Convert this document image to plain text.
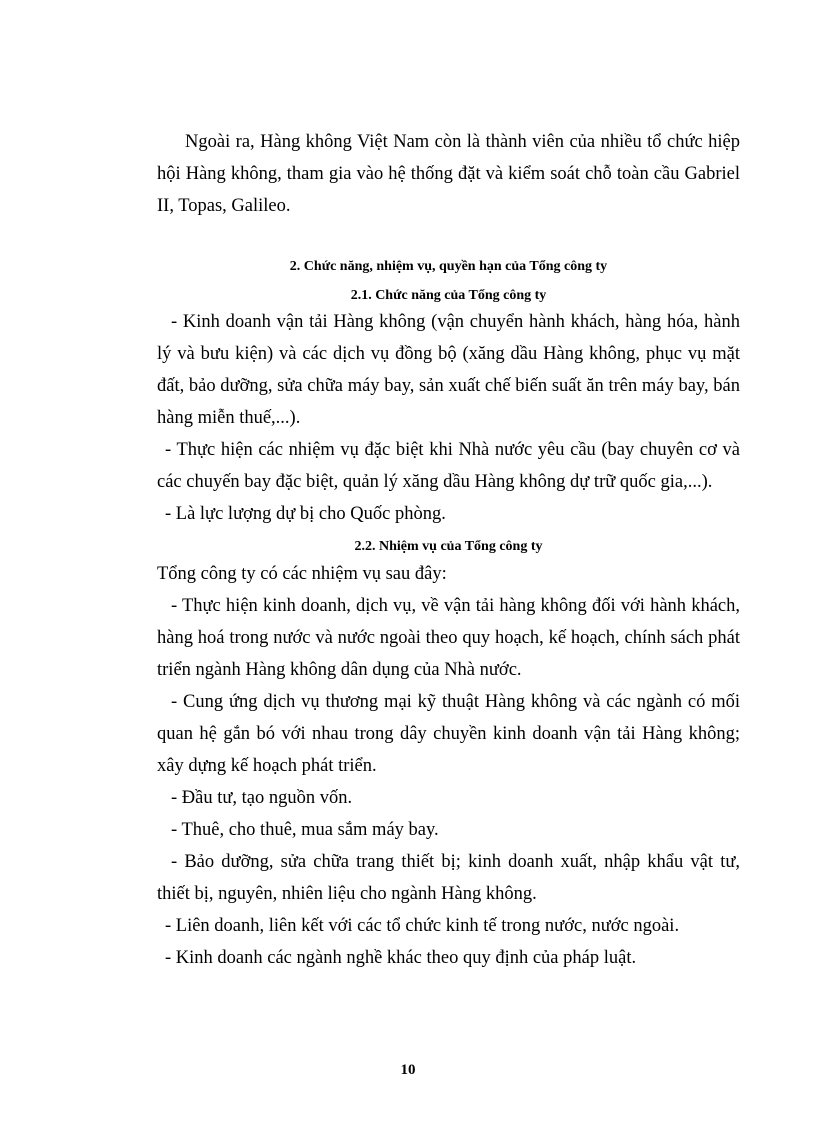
Ngoài ra, Hàng không Việt Nam còn là thành viên của nhiều tổ chức hiệp hội Hàng không, tham gia vào hệ thống đặt và kiểm soát chỗ toàn cầu Gabriel II, Topas, Galileo.

2. Chức năng, nhiệm vụ, quyền hạn của Tổng công ty
2.1. Chức năng của Tổng công ty

- Kinh doanh vận tải Hàng không (vận chuyển hành khách, hàng hóa, hành lý và bưu kiện) và các dịch vụ đồng bộ (xăng dầu Hàng không, phục vụ mặt đất, bảo dưỡng, sửa chữa máy bay, sản xuất chế biến suất ăn trên máy bay, bán hàng miễn thuế,...).

- Thực hiện các nhiệm vụ đặc biệt khi Nhà nước yêu cầu (bay chuyên cơ và các chuyến bay đặc biệt, quản lý xăng dầu Hàng không dự trữ quốc gia,...).

- Là lực lượng dự bị cho Quốc phòng.

2.2. Nhiệm vụ của Tổng công ty

Tổng công ty có các nhiệm vụ sau đây:

- Thực hiện kinh doanh, dịch vụ, về vận tải hàng không đối với hành khách, hàng hoá trong nước và nước ngoài theo quy hoạch, kế hoạch, chính sách phát triển ngành Hàng không dân dụng của Nhà nước.

- Cung ứng dịch vụ thương mại kỹ thuật Hàng không và các ngành có mối quan hệ gắn bó với nhau trong dây chuyền kinh doanh vận tải Hàng không; xây dựng kế hoạch phát triển.

- Đầu tư, tạo nguồn vốn.

- Thuê, cho thuê, mua sắm máy bay.

- Bảo dưỡng, sửa chữa trang thiết bị; kinh doanh xuất, nhập khẩu vật tư, thiết bị, nguyên, nhiên liệu cho ngành Hàng không.

- Liên doanh, liên kết với các tổ chức kinh tế trong nước, nước ngoài.

- Kinh doanh các ngành nghề khác theo quy định của pháp luật.

10
